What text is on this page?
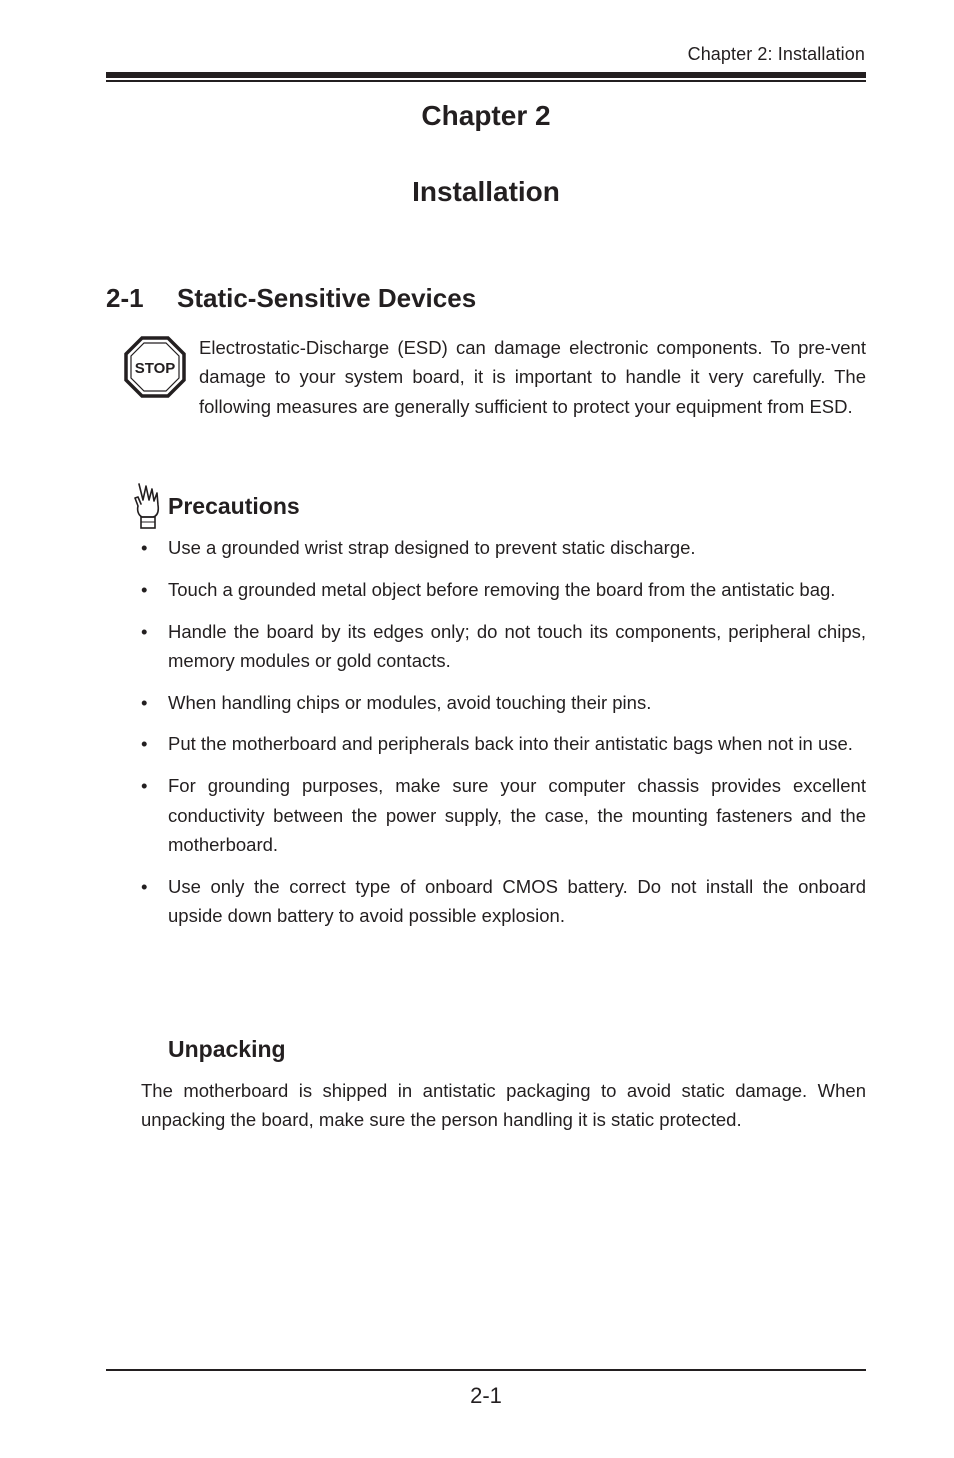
Chapter 2: Installation
Chapter 2
Installation
2-1 Static-Sensitive Devices
STOP
Electrostatic-Discharge (ESD) can damage electronic components. To pre-vent damage to your system board, it is important to handle it very carefully. The following measures are generally sufficient to protect your equipment from ESD.
Precautions
• Use a grounded wrist strap designed to prevent static discharge.
• Touch a grounded metal object before removing the board from the antistatic bag.
• Handle the board by its edges only; do not touch its components, peripheral chips, memory modules or gold contacts.
• When handling chips or modules, avoid touching their pins.
• Put the motherboard and peripherals back into their antistatic bags when not in use.
• For grounding purposes, make sure your computer chassis provides excellent conductivity between the power supply, the case, the mounting fasteners and the motherboard.
• Use only the correct type of onboard CMOS battery. Do not install the onboard upside down battery to avoid possible explosion.
Unpacking
The motherboard is shipped in antistatic packaging to avoid static damage. When unpacking the board, make sure the person handling it is static protected.
2-1
